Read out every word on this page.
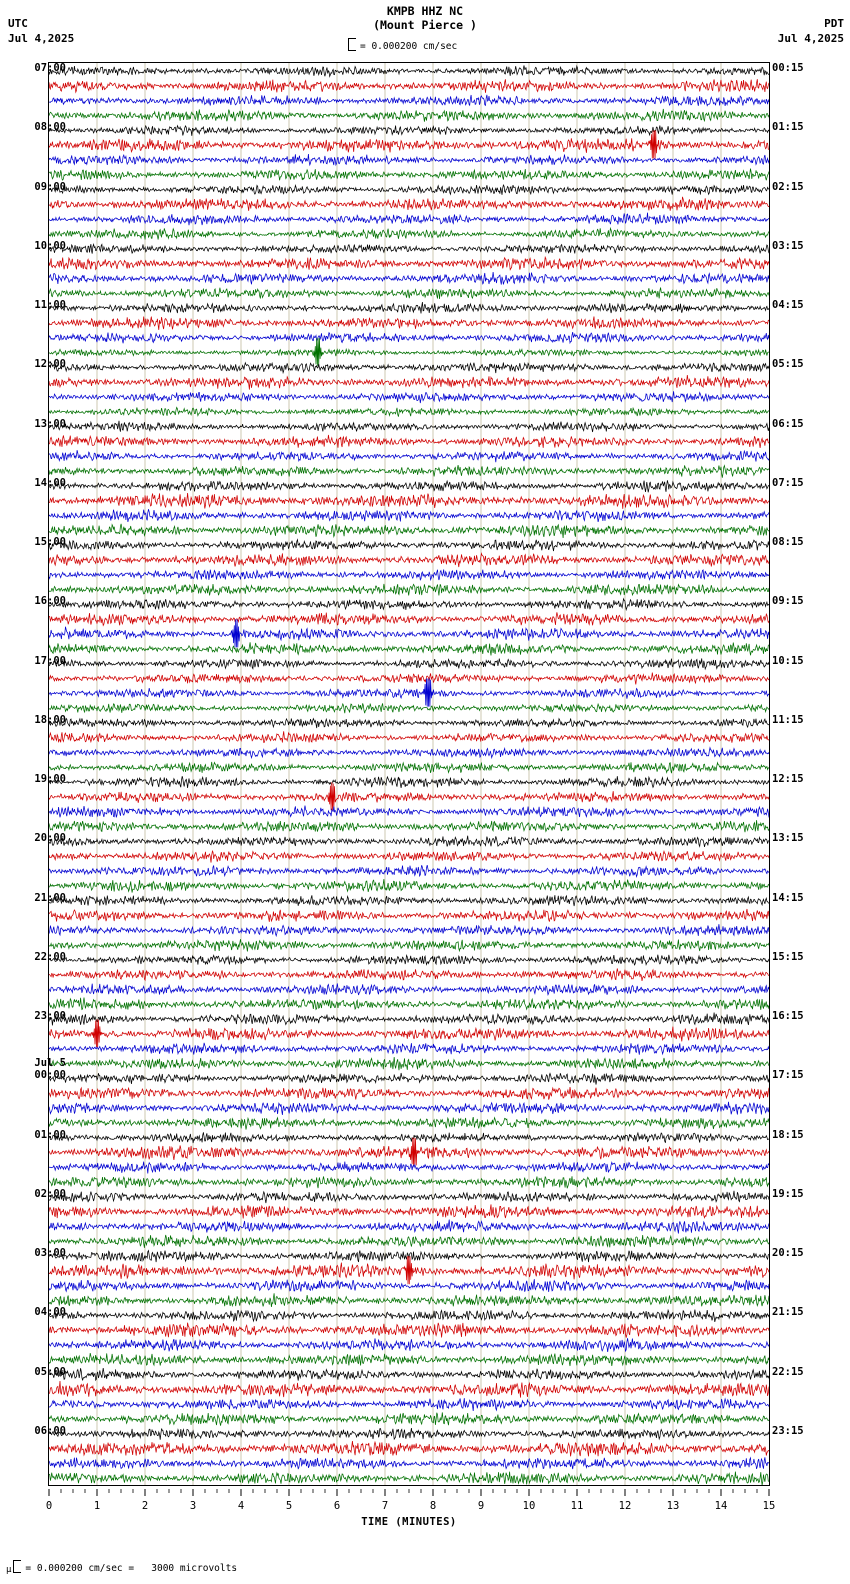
UTC
Jul 4,2025
KMPB HHZ NC
(Mount Pierce )
= 0.000200 cm/sec
PDT
Jul 4,2025
07:00	00:15
08:00	01:15
09:00	02:15
10:00	03:15
11:00	04:15
12:00	05:15
13:00	06:15
14:00	07:15
15:00	08:15
16:00	09:15
17:00	10:15
18:00	11:15
19:00	12:15
20:00	13:15
21:00	14:15
22:00	15:15
23:00	16:15
00:00	17:15
01:00	18:15
02:00	19:15
03:00	20:15
04:00	21:15
05:00	22:15
06:00	23:15
Jul 5
0	1	2	3	4	5	6	7	8	9	10	11	12	13	14	15
TIME (MINUTES)
μ = 0.000200 cm/sec = 3000 microvolts
